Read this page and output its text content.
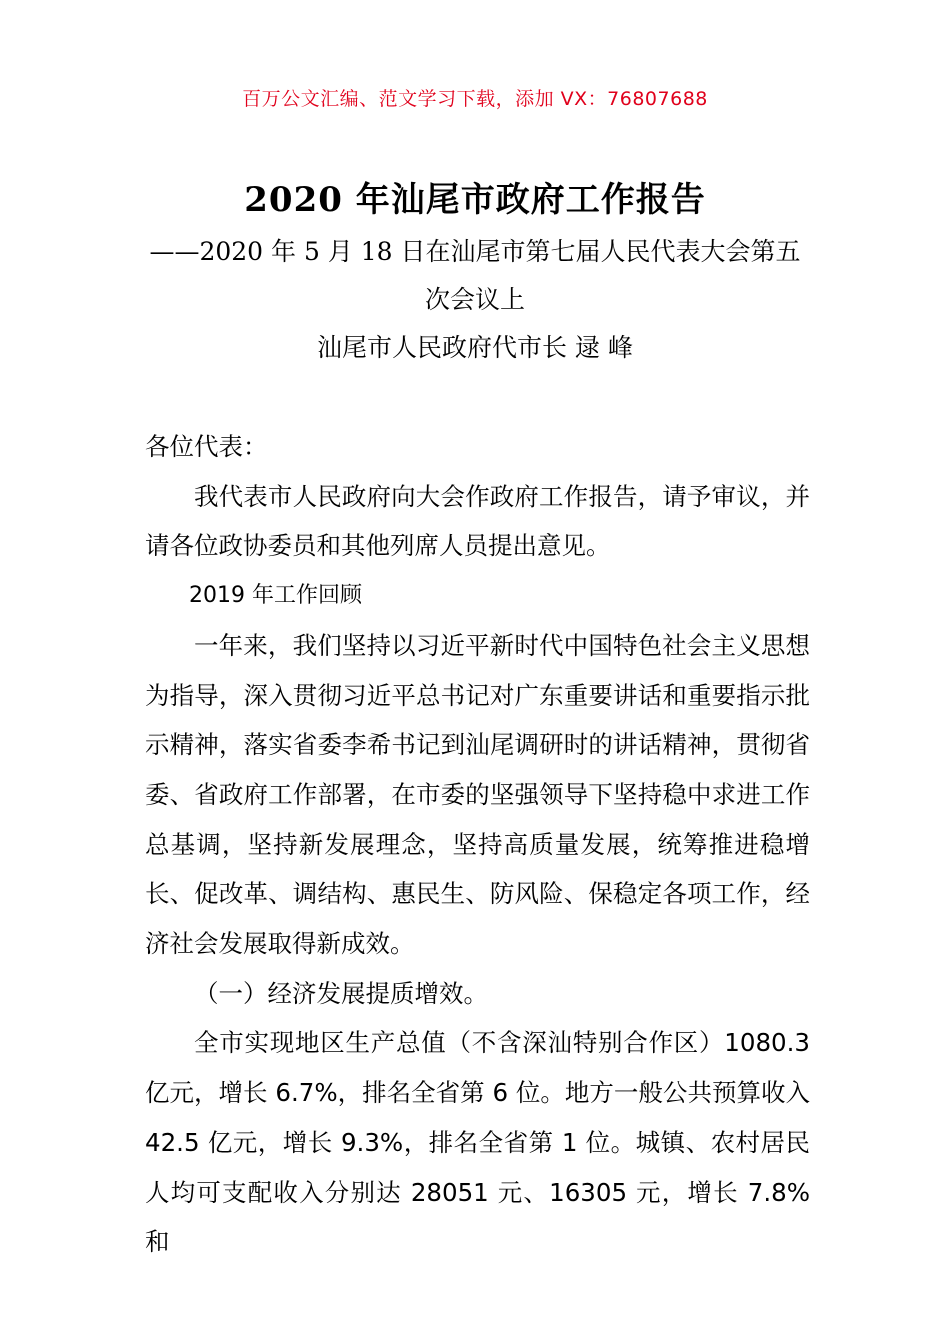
百万公文汇编、范文学习下载，添加 VX：76807688
2020 年汕尾市政府工作报告
——2020 年 5 月 18 日在汕尾市第七届人民代表大会第五次会议上
汕尾市人民政府代市长 逯 峰

各位代表：

我代表市人民政府向大会作政府工作报告，请予审议，并请各位政协委员和其他列席人员提出意见。

2019 年工作回顾

一年来，我们坚持以习近平新时代中国特色社会主义思想为指导，深入贯彻习近平总书记对广东重要讲话和重要指示批示精神，落实省委李希书记到汕尾调研时的讲话精神，贯彻省委、省政府工作部署，在市委的坚强领导下坚持稳中求进工作总基调，坚持新发展理念，坚持高质量发展，统筹推进稳增长、促改革、调结构、惠民生、防风险、保稳定各项工作，经济社会发展取得新成效。

（一）经济发展提质增效。

全市实现地区生产总值（不含深汕特别合作区）1080.3 亿元，增长 6.7%，排名全省第 6 位。地方一般公共预算收入 42.5 亿元，增长 9.3%，排名全省第 1 位。城镇、农村居民人均可支配收入分别达 28051 元、16305 元，增长 7.8%和
